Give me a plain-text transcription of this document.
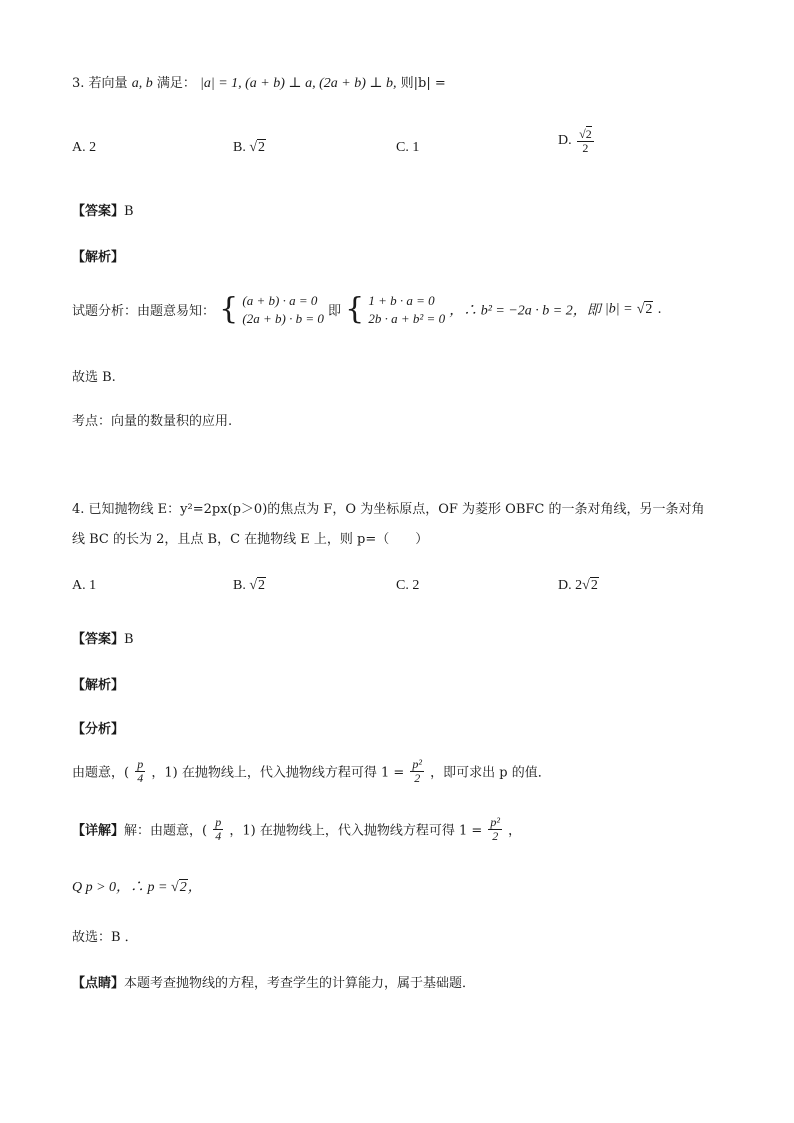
3. 若向量 a, b 满足： |a| = 1, (a + b) ⊥ a, (2a + b) ⊥ b, 则|b| =
A. 2	B. √2	C. 1	D. $\frac{√2}{2}$
【答案】B
【解析】
试题分析：由题意易知： { (a + b) · a = 0
(2a + b) · b = 0 即 { 1 + b · a = 0
2b · a + b² = 0 ，∴ b² = −2a · b = 2，即 |b| = √2 .
故选 B.
考点：向量的数量积的应用.
4. 已知抛物线 E：y²=2px(p＞0)的焦点为 F，O 为坐标原点，OF 为菱形 OBFC 的一条对角线，另一条对角
线 BC 的长为 2，且点 B，C 在抛物线 E 上，则 p=（　　）
A. 1	B. √2	C. 2	D. 2√2
【答案】B
【解析】
【分析】
由题意，( $\frac{p}{4}$ ，1) 在抛物线上，代入抛物线方程可得 $1 = \frac{\text{p²}}{2}$ ，即可求出 p 的值．
【详解】解：由题意，( $\frac{p}{4}$ ，1) 在抛物线上，代入抛物线方程可得 $1 = \frac{\text{p²}}{2}$ ，
Q p > 0，∴ p = √2，
故选：B ．
【点睛】本题考查抛物线的方程，考查学生的计算能力，属于基础题．
